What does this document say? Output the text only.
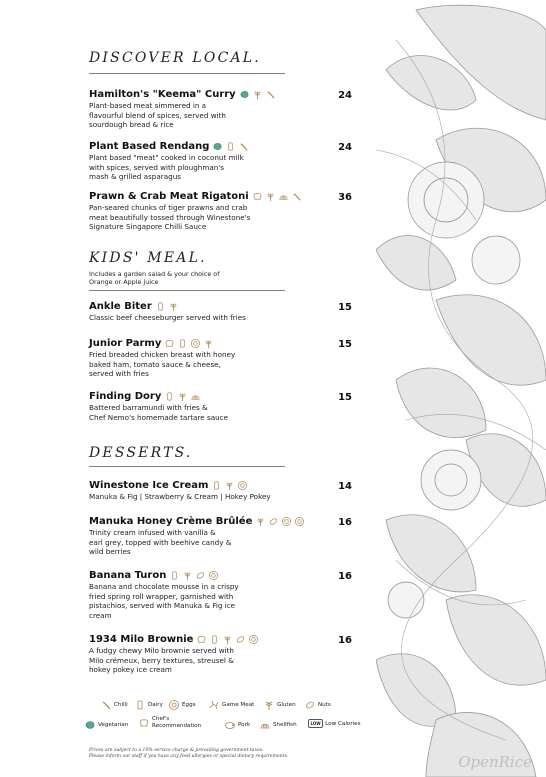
DISCOVER LOCAL.
Hamilton's "Keema" Curry
Plant-based meat simmered in a
flavourful blend of spices, served with
sourdough bread & rice
24
Plant Based Rendang
Plant based "meat" cooked in coconut milk
with spices, served with ploughman's
mash & grilled asparagus
24
Prawn & Crab Meat Rigatoni
Pan-seared chunks of tiger prawns and crab
meat beautifully tossed through Winestone's
Signature Singapore Chilli Sauce
36
KIDS' MEAL.
Includes a garden salad & your choice of
Orange or Apple juice
Ankle Biter
Classic beef cheeseburger served with fries
15
Junior Parmy
Fried breaded chicken breast with honey
baked ham, tomato sauce & cheese,
served with fries
15
Finding Dory
Battered barramundi with fries &
Chef Nemo's homemade tartare sauce
15
DESSERTS.
Winestone Ice Cream
Manuka & Fig | Strawberry & Cream | Hokey Pokey
14
Manuka Honey Crème Brûlée
Trinity cream infused with vanilla &
earl grey, topped with beehive candy &
wild berries
16
Banana Turon
Banana and chocolate mousse in a crispy
fried spring roll wrapper, garnished with
pistachios, served with Manuka & Fig ice
cream
16
1934 Milo Brownie
A fudgy chewy Milo brownie served with
Milo crémeux, berry textures, streusel &
hokey pokey ice cream
16
Chilli	Dairy	Eggs	Game Meat	Gluten	Nuts
Vegetarian
Chef's
Recommendation	Pork	Shellfish	LOW Low Calories
Prices are subject to a 10% service charge & prevailing government taxes.
Please inform our staff if you have any food allergies or special dietary requirements.	OpenRice
